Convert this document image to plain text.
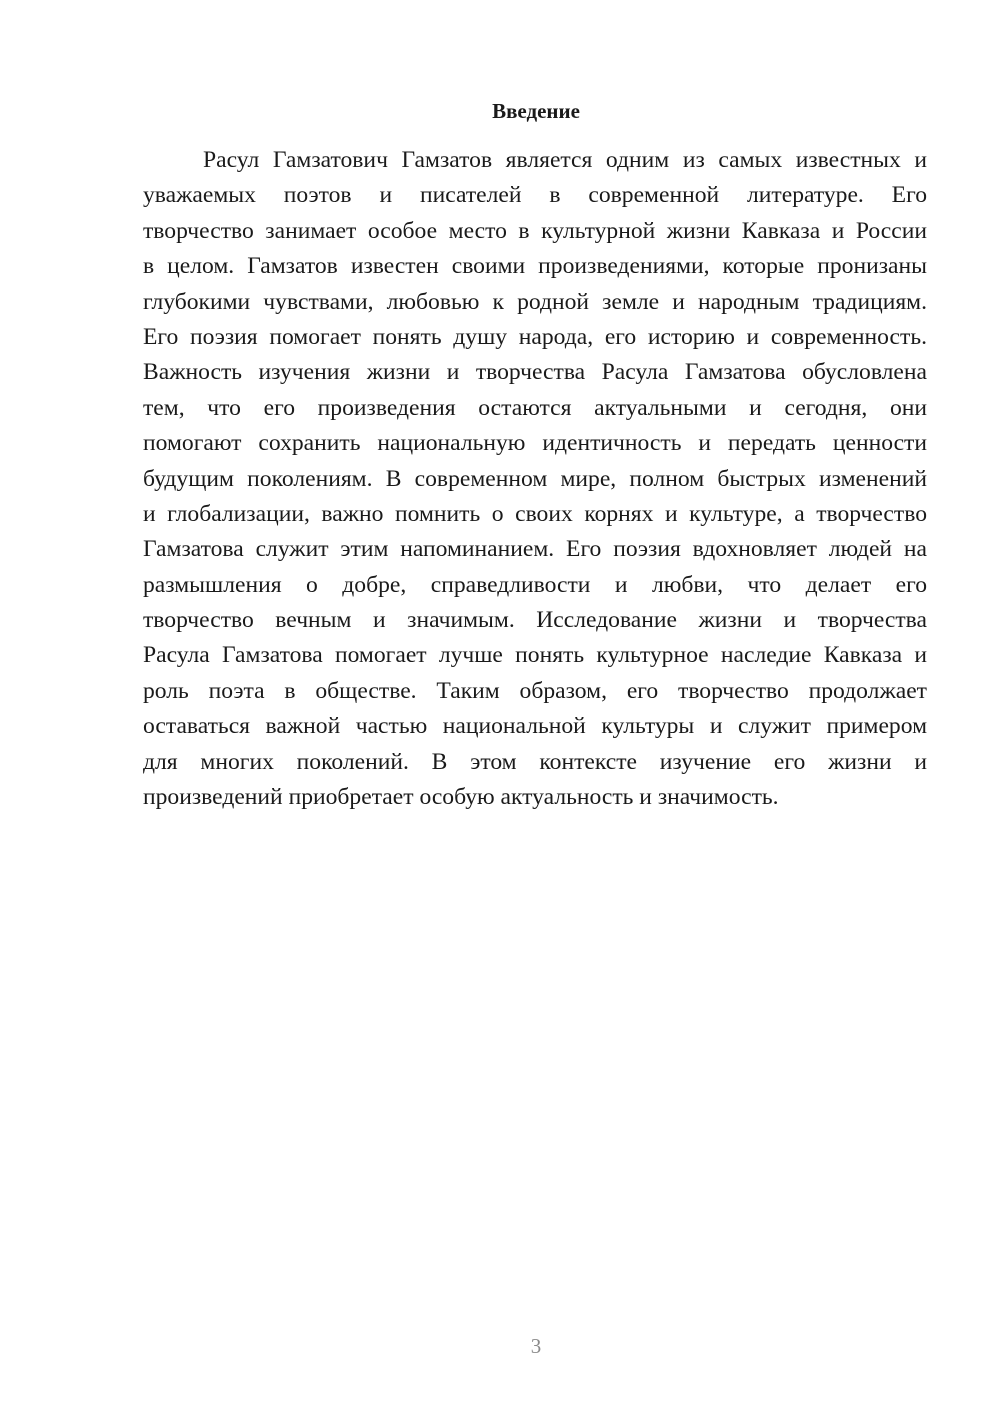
Введение
Расул Гамзатович Гамзатов является одним из самых известных и
уважаемых поэтов и писателей в современной литературе. Его
творчество занимает особое место в культурной жизни Кавказа и России
в целом. Гамзатов известен своими произведениями, которые пронизаны
глубокими чувствами, любовью к родной земле и народным традициям.
Его поэзия помогает понять душу народа, его историю и современность.
Важность изучения жизни и творчества Расула Гамзатова обусловлена
тем, что его произведения остаются актуальными и сегодня, они
помогают сохранить национальную идентичность и передать ценности
будущим поколениям. В современном мире, полном быстрых изменений
и глобализации, важно помнить о своих корнях и культуре, а творчество
Гамзатова служит этим напоминанием. Его поэзия вдохновляет людей на
размышления о добре, справедливости и любви, что делает его
творчество вечным и значимым. Исследование жизни и творчества
Расула Гамзатова помогает лучше понять культурное наследие Кавказа и
роль поэта в обществе. Таким образом, его творчество продолжает
оставаться важной частью национальной культуры и служит примером
для многих поколений. В этом контексте изучение его жизни и
произведений приобретает особую актуальность и значимость.
3
